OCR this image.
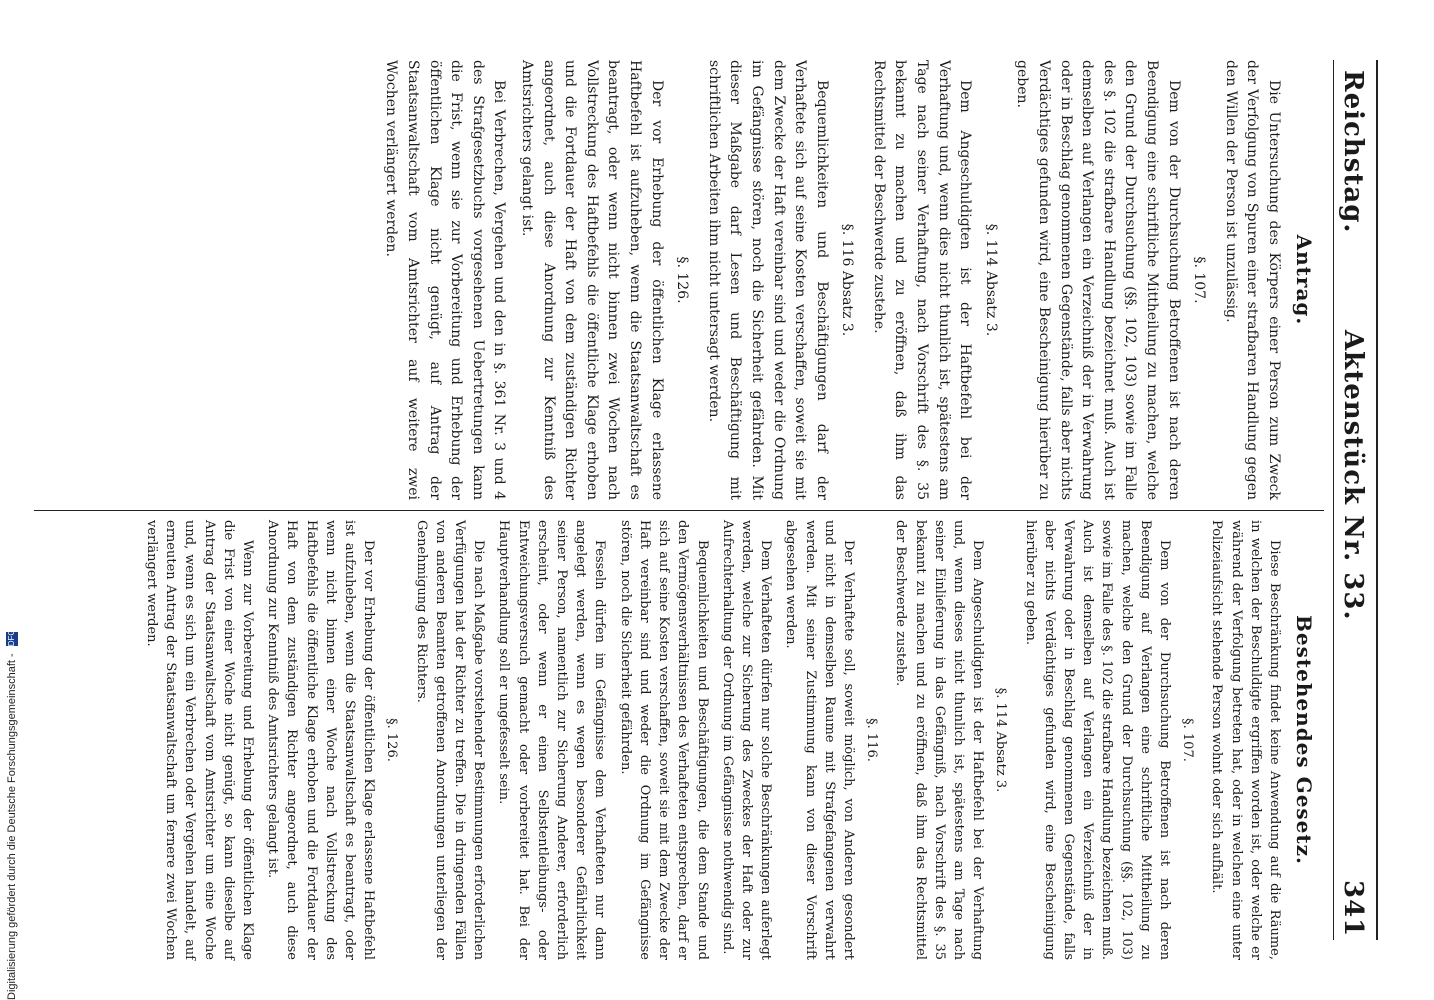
Reichstag.
Aktenstück Nr. 33.
341
Antrag.
Bestehendes Gesetz.

Die Untersuchung des Körpers einer Person zum Zweck der Verfolgung von Spuren einer strafbaren Handlung gegen den Willen der Person ist unzulässig.

§. 107.

Dem von der Durchsuchung Betroffenen ist nach deren Beendigung eine schriftliche Mittheilung zu machen, welche den Grund der Durchsuchung (§§. 102, 103) sowie im Falle des §. 102 die strafbare Handlung bezeichnet muß. Auch ist demselben auf Verlangen ein Verzeichniß der in Verwahrung oder in Beschlag genommenen Gegenstände, falls aber nichts Verdächtiges gefunden wird, eine Bescheinigung hierüber zu geben.

§. 114 Absatz 3.

Dem Angeschuldigten ist der Haftbefehl bei der Verhaftung und, wenn dies nicht thunlich ist, spätestens am Tage nach seiner Verhaftung, nach Vorschrift des §. 35 bekannt zu machen und zu eröffnen, daß ihm das Rechtsmittel der Beschwerde zustehe.

§. 116 Absatz 3.

Bequemlichkeiten und Beschäftigungen darf der Verhaftete sich auf seine Kosten verschaffen, soweit sie mit dem Zwecke der Haft vereinbar sind und weder die Ordnung im Gefängnisse stören, noch die Sicherheit gefährden. Mit dieser Maßgabe darf Lesen und Beschäftigung mit schriftlichen Arbeiten ihm nicht untersagt werden.

§. 126.

Der vor Erhebung der öffentlichen Klage erlassene Haftbefehl ist aufzuheben, wenn die Staatsanwaltschaft es beantragt, oder wenn nicht binnen zwei Wochen nach Vollstreckung des Haftbefehls die öffentliche Klage erhoben und die Fortdauer der Haft von dem zuständigen Richter angeordnet, auch diese Anordnung zur Kenntniß des Amtsrichters gelangt ist.

Bei Verbrechen, Vergehen und den in §. 361 Nr. 3 und 4 des Strafgesetzbuchs vorgesehenen Uebertretungen kann die Frist, wenn sie zur Vorbereitung und Erhebung der öffentlichen Klage nicht genügt, auf Antrag der Staatsanwaltschaft vom Amtsrichter auf weitere zwei Wochen verlängert werden.

Diese Beschränkung findet keine Anwendung auf die Räume, in welchen der Beschuldigte ergriffen worden ist, oder welche er während der Verfolgung betreten hat, oder in welchen eine unter Polizeiaufsicht stehende Person wohnt oder sich aufhält.

§. 107.

Dem von der Durchsuchung Betroffenen ist nach deren Beendigung auf Verlangen eine schriftliche Mittheilung zu machen, welche den Grund der Durchsuchung (§§. 102, 103) sowie im Falle des §. 102 die strafbare Handlung bezeichnen muß. Auch ist demselben auf Verlangen ein Verzeichniß der in Verwahrung oder in Beschlag genommenen Gegenstände, falls aber nichts Verdächtiges gefunden wird, eine Bescheinigung hierüber zu geben.

§. 114 Absatz 3.

Dem Angeschuldigten ist der Haftbefehl bei der Verhaftung und, wenn dieses nicht thunlich ist, spätestens am Tage nach seiner Einlieferung in das Gefängniß, nach Vorschrift des §. 35 bekannt zu machen und zu eröffnen, daß ihm das Rechtsmittel der Beschwerde zustehe.

§. 116.

Der Verhaftete soll, soweit möglich, von Anderen gesondert und nicht in demselben Raume mit Strafgefangenen verwahrt werden. Mit seiner Zustimmung kann von dieser Vorschrift abgesehen werden.

Dem Verhafteten dürfen nur solche Beschränkungen auferlegt werden, welche zur Sicherung des Zweckes der Haft oder zur Aufrechterhaltung der Ordnung im Gefängnisse nothwendig sind.

Bequemlichkeiten und Beschäftigungen, die dem Stande und den Vermögensverhältnissen des Verhafteten entsprechen, darf er sich auf seine Kosten verschaffen, soweit sie mit dem Zwecke der Haft vereinbar sind und weder die Ordnung im Gefängnisse stören, noch die Sicherheit gefährden.

Fesseln dürfen im Gefängnisse dem Verhafteten nur dann angelegt werden, wenn es wegen besonderer Gefährlichkeit seiner Person, namentlich zur Sicherung Anderer, erforderlich erscheint, oder wenn er einen Selbstentleibungs- oder Entweichungsversuch gemacht oder vorbereitet hat. Bei der Hauptverhandlung soll er ungefesselt sein.

Die nach Maßgabe vorstehender Bestimmungen erforderlichen Verfügungen hat der Richter zu treffen. Die in dringenden Fällen von anderen Beamten getroffenen Anordnungen unterliegen der Genehmigung des Richters.

§. 126.

Der vor Erhebung der öffentlichen Klage erlassene Haftbefehl ist aufzuheben, wenn die Staatsanwaltschaft es beantragt, oder wenn nicht binnen einer Woche nach Vollstreckung des Haftbefehls die öffentliche Klage erhoben und die Fortdauer der Haft von dem zuständigen Richter angeordnet, auch diese Anordnung zur Kenntniß des Amtsrichters gelangt ist.

Wenn zur Vorbereitung und Erhebung der öffentlichen Klage die Frist von einer Woche nicht genügt, so kann dieselbe auf Antrag der Staatsanwaltschaft vom Amtsrichter um eine Woche und, wenn es sich um ein Verbrechen oder Vergehen handelt, auf erneuten Antrag der Staatsanwaltschaft um fernere zwei Wochen verlängert werden.

Digitalisierung gefördert durch die Deutsche Forschungsgemeinschaft - DFG
